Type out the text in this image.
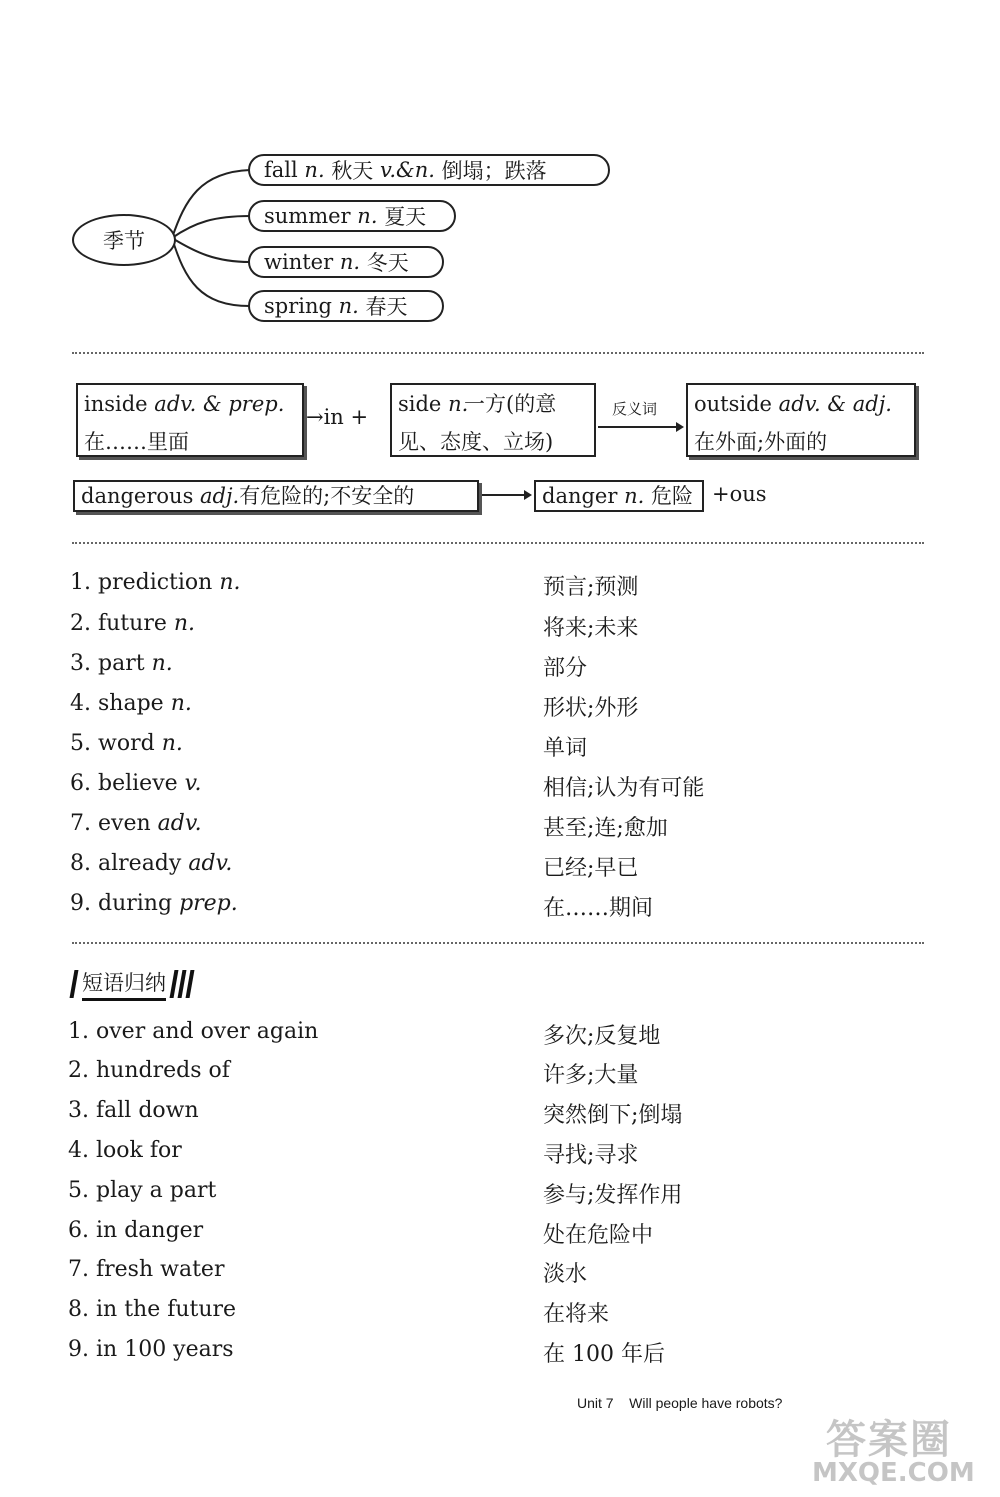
季节
fall
n.
秋天
v.&n.
倒塌；跌落
summer
n.
夏天
winter
n.
冬天
spring
n.
春天
inside adv. & prep.
在……里面
→in +
side n.
一方(的意见、态度、立场)
反义词 outside adv. & adj.
在外面;外面的
dangerous adj.有危险的;不安全的	danger n. 危险 +ous
1. prediction n.	预言;预测
2. future n.	将来;未来
3. part n.	部分
4. shape n.	形状;外形
5. word n.	单词
6. believe v.	相信;认为有可能
7. even adv.	甚至;连;愈加
8. already adv.	已经;早已
9. during prep.	在……期间
短语归纳
1. over and over again	多次;反复地
2. hundreds of	许多;大量
3. fall down	突然倒下;倒塌
4. look for	寻找;寻求
5. play a part	参与;发挥作用
6. in danger	处在危险中
7. fresh water	淡水
8. in the future	在将来
9. in 100 years	在 100 年后
Unit 7 Will people have robots?
答案圈
MXQE.COM
